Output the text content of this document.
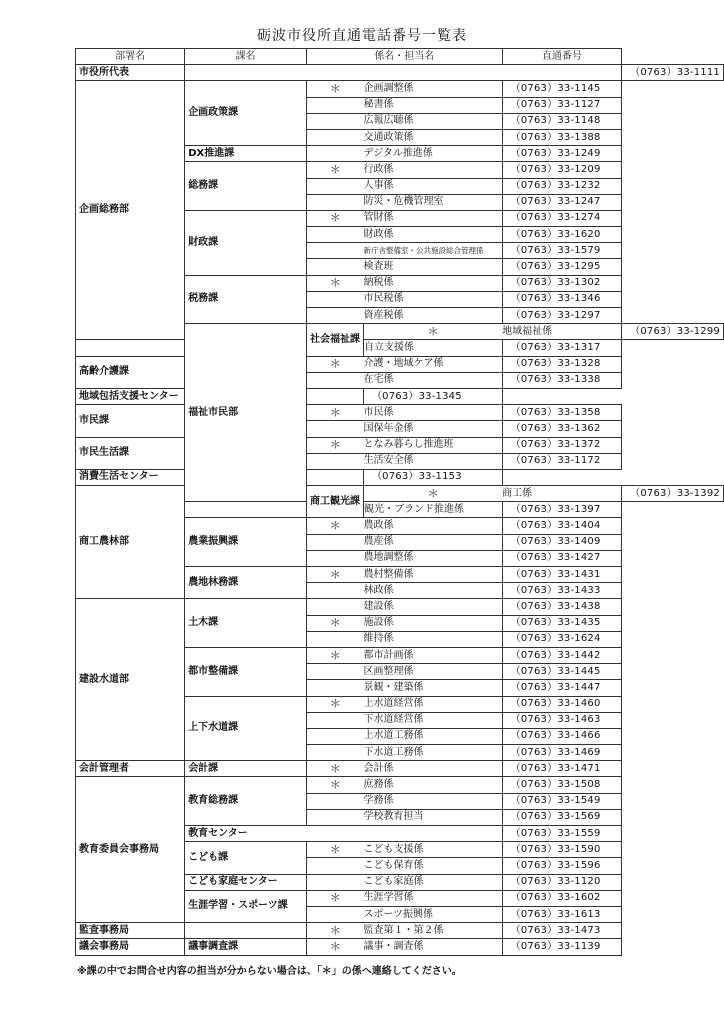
砺波市役所直通電話番号一覧表
部署名	課名	係名・担当名		直通番号	
市役所代表					（0763）33-1111
企画総務部	企画政策課	＊	企画調整係	（0763）33-1145	
			秘書係	（0763）33-1127	
			広報広聴係	（0763）33-1148	
			交通政策係	（0763）33-1388	
	DX推進課		デジタル推進係	（0763）33-1249	
	総務課	＊	行政係	（0763）33-1209	
			人事係	（0763）33-1232	
			防災・危機管理室	（0763）33-1247	
	財政課	＊	管財係	（0763）33-1274	
			財政係	（0763）33-1620	
			新庁舎整備室・公共施設総合管理係	（0763）33-1579	
			検査班	（0763）33-1295	
	税務課	＊	納税係	（0763）33-1302	
			市民税係	（0763）33-1346	
			資産税係	（0763）33-1297	
	福祉市民部	社会福祉課	＊	地域福祉係	（0763）33-1299
			自立支援係	（0763）33-1317	
高齢介護課		＊	介護・地域ケア係	（0763）33-1328	
			在宅係	（0763）33-1338	
地域包括支援センター			（0763）33-1345		
市民課		＊	市民係	（0763）33-1358	
			国保年金係	（0763）33-1362	
市民生活課		＊	となみ暮らし推進班	（0763）33-1372	
			生活安全係	（0763）33-1172	
消費生活センター			（0763）33-1153		
商工農林部		商工観光課	＊	商工係	（0763）33-1392
			観光・ブランド推進係	（0763）33-1397	
	農業振興課	＊	農政係	（0763）33-1404	
			農産係	（0763）33-1409	
			農地調整係	（0763）33-1427	
	農地林務課	＊	農村整備係	（0763）33-1431	
			林政係	（0763）33-1433	
建設水道部	土木課		建設係	（0763）33-1438	
		＊	施設係	（0763）33-1435	
			維持係	（0763）33-1624	
	都市整備課	＊	都市計画係	（0763）33-1442	
			区画整理係	（0763）33-1445	
			景観・建築係	（0763）33-1447	
	上下水道課	＊	上水道経営係	（0763）33-1460	
			下水道経営係	（0763）33-1463	
			上水道工務係	（0763）33-1466	
			下水道工務係	（0763）33-1469	
会計管理者	会計課	＊	会計係	（0763）33-1471	
教育委員会事務局	教育総務課	＊	庶務係	（0763）33-1508	
			学務係	（0763）33-1549	
			学校教育担当	（0763）33-1569	
	教育センター			（0763）33-1559	
	こども課	＊	こども支援係	（0763）33-1590	
			こども保育係	（0763）33-1596	
	こども家庭センター		こども家庭係	（0763）33-1120	
	生涯学習・スポーツ課	＊	生涯学習係	（0763）33-1602	
			スポーツ振興係	（0763）33-1613	
監査事務局		＊	監査第１・第２係	（0763）33-1473	
議会事務局	議事調査課	＊	議事・調査係	（0763）33-1139	
※課の中でお問合せ内容の担当が分からない場合は、「＊」の係へ連絡してください。
